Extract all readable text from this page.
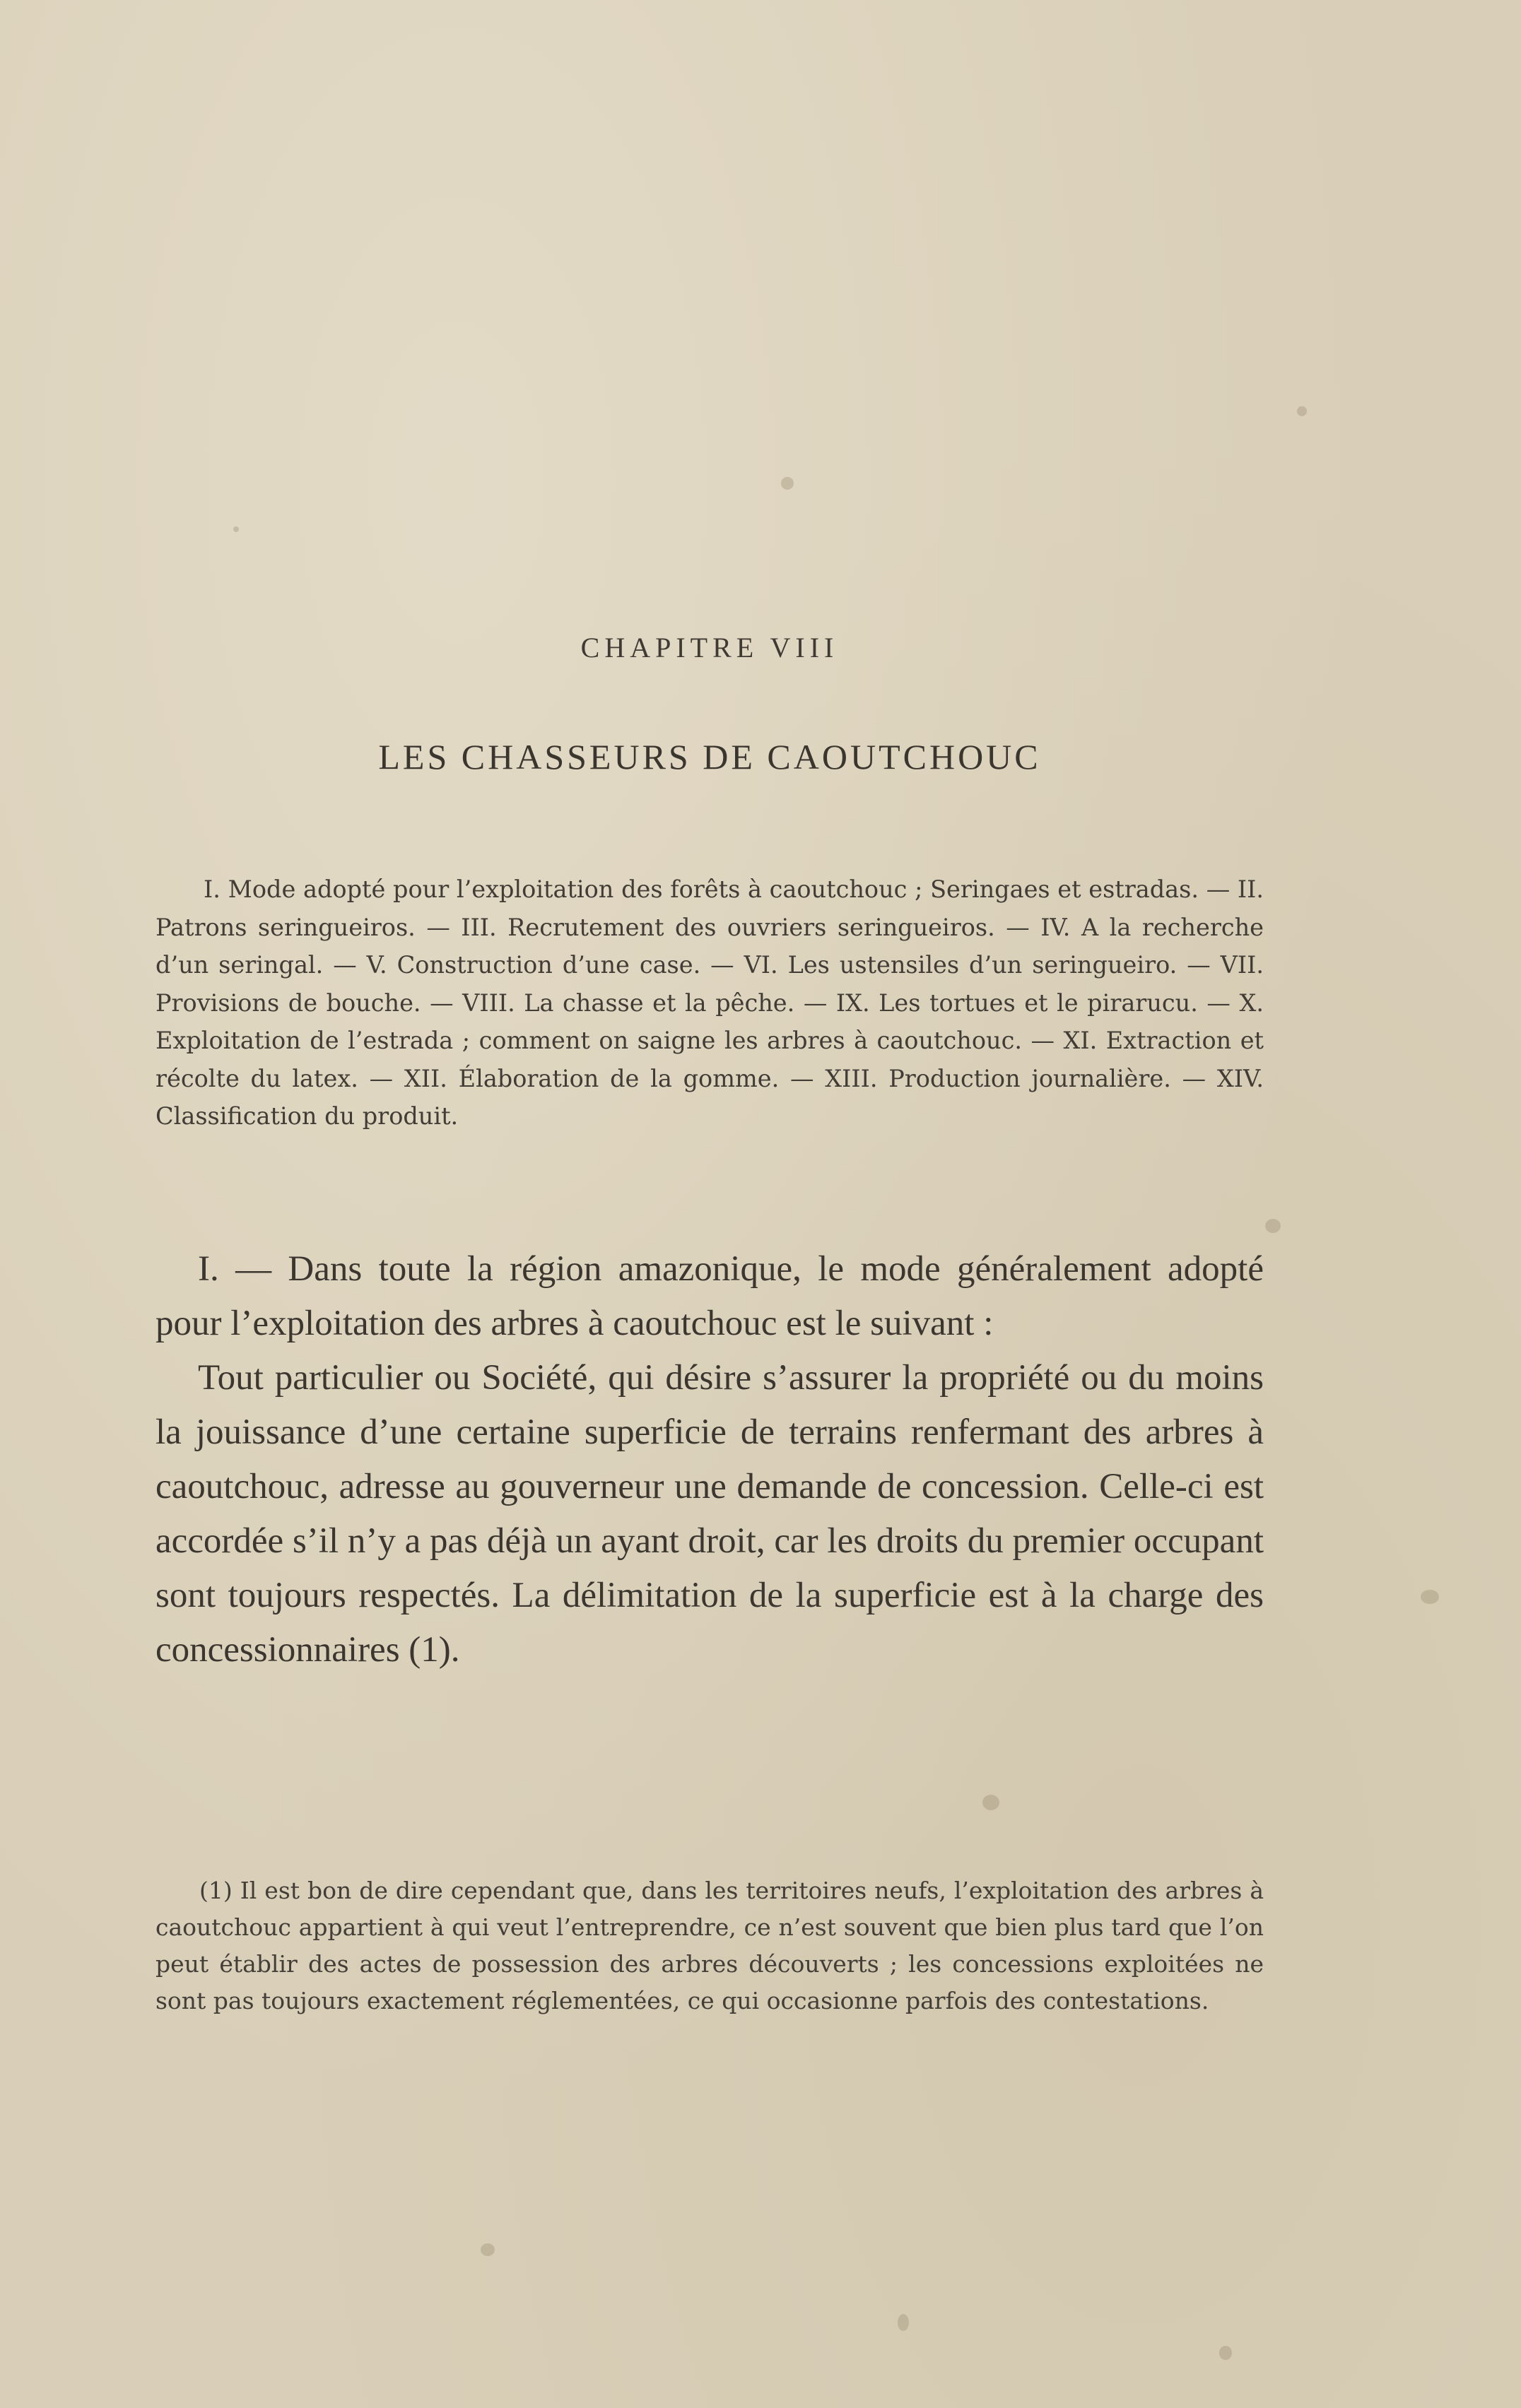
CHAPITRE VIII
LES CHASSEURS DE CAOUTCHOUC

I. Mode adopté pour l’exploitation des forêts à caoutchouc ; Seringaes et estradas. — II. Patrons seringueiros. — III. Recrutement des ouvriers seringueiros. — IV. A la recherche d’un seringal. — V. Construction d’une case. — VI. Les ustensiles d’un seringueiro. — VII. Provisions de bouche. — VIII. La chasse et la pêche. — IX. Les tortues et le pirarucu. — X. Exploitation de l’estrada ; comment on saigne les arbres à caoutchouc. — XI. Extraction et récolte du latex. — XII. Élaboration de la gomme. — XIII. Production journalière. — XIV. Classification du produit.

I. — Dans toute la région amazonique, le mode généralement adopté pour l’exploitation des arbres à caoutchouc est le suivant :

Tout particulier ou Société, qui désire s’assurer la propriété ou du moins la jouissance d’une certaine superficie de terrains renfermant des arbres à caoutchouc, adresse au gouverneur une demande de concession. Celle-ci est accordée s’il n’y a pas déjà un ayant droit, car les droits du premier occupant sont toujours respectés. La délimitation de la superficie est à la charge des concessionnaires (1).

(1) Il est bon de dire cependant que, dans les territoires neufs, l’exploitation des arbres à caoutchouc appartient à qui veut l’entreprendre, ce n’est souvent que bien plus tard que l’on peut établir des actes de possession des arbres découverts ; les concessions exploitées ne sont pas toujours exactement réglementées, ce qui occasionne parfois des contestations.
